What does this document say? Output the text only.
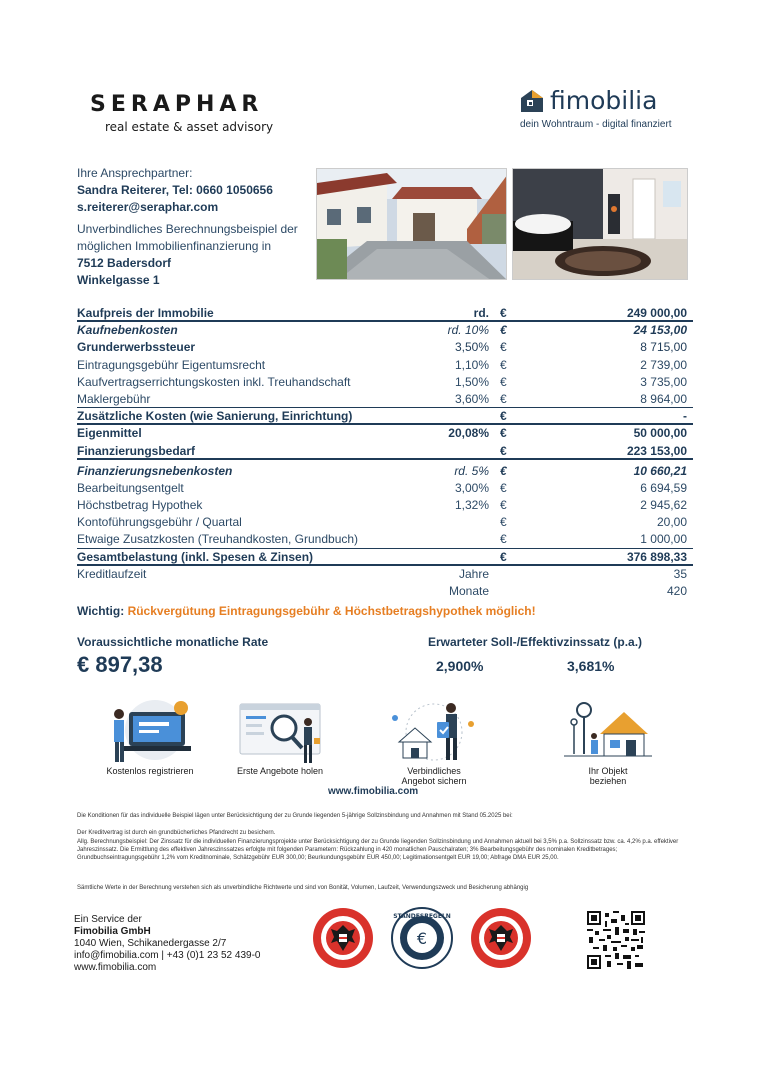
SERAPHAR
real estate & asset advisory
fimobilia
dein Wohntraum - digital finanziert
Ihre Ansprechpartner:
Sandra Reiterer, Tel: 0660 1050656
s.reiterer@seraphar.com
Unverbindliches Berechnungsbeispiel der
möglichen Immobilienfinanzierung in
7512 Badersdorf
Winkelgasse 1
Kaufpreis der Immobilie	rd. €	249 000,00
Kaufnebenkosten	rd. 10% €	24 153,00
Grunderwerbssteuer	3,50% €	8 715,00
Eintragungsgebühr Eigentumsrecht	1,10% €	2 739,00
Kaufvertragserrichtungskosten inkl. Treuhandschaft	1,50% €	3 735,00
Maklergebühr	3,60% €	8 964,00
Zusätzliche Kosten (wie Sanierung, Einrichtung)	€	-
Eigenmittel	20,08% €	50 000,00
Finanzierungsbedarf	€	223 153,00
Finanzierungsnebenkosten	rd. 5% €	10 660,21
Bearbeitungsentgelt	3,00% €	6 694,59
Höchstbetrag Hypothek	1,32% €	2 945,62
Kontoführungsgebühr / Quartal	€	20,00
Etwaige Zusatzkosten (Treuhandkosten, Grundbuch)	€	1 000,00
Gesamtbelastung (inkl. Spesen & Zinsen)	€	376 898,33
Kreditlaufzeit	Jahre	35
Monate	420
Wichtig: Rückvergütung Eintragungsgebühr & Höchstbetragshypothek möglich!
Voraussichtliche monatliche Rate
€ 897,38
Erwarteter Soll-/Effektivzinssatz (p.a.)
2,900%	3,681%
Kostenlos registrieren	Erste Angebote holen	Verbindliches Angebot sichern
Ihr Objekt beziehen
www.fimobilia.com
Die Konditionen für das individuelle Beispiel lägen unter Berücksichtigung der zu Grunde liegenden 5-jährige Sollzinsbindung und Annahmen mit Stand 05.2025 bei:
Der Kreditvertrag ist durch ein grundbücherliches Pfandrecht zu besichern.
Allg. Berechnungsbeispiel: Der Zinssatz für die individuellen Finanzierungsprojekte unter Berücksichtigung der zu Grunde liegenden Sollzinsbindung und Annahmen aktuell bei 3,5% p.a. Sollzinssatz bzw. ca. 4,2% p.a. effektiver Jahreszinssatz. Die Ermittlung des effektiven Jahreszinssatzes erfolgte mit folgenden Parametern: Rückzahlung in 420 monatlichen Pauschalraten; 3% Bearbeitungsgebühr des nominalen Kreditbetrages; Grundbuchseintragungsgebühr 1,2% vom Kreditnominale, Schätzgebühr EUR 300,00; Beurkundungsgebühr EUR 450,00; Legitimationsentgelt EUR 19,00; Abfrage DMA EUR 25,00.
Sämtliche Werte in der Berechnung verstehen sich als unverbindliche Richtwerte und sind von Bonität, Volumen, Laufzeit, Verwendungszweck und Besicherung abhängig
Ein Service der
Fimobilia GmbH
1040 Wien, Schikanedergasse 2/7
info@fimobilia.com | +43 (0)1 23 52 439-0
www.fimobilia.com
€
STANDESREGELN
